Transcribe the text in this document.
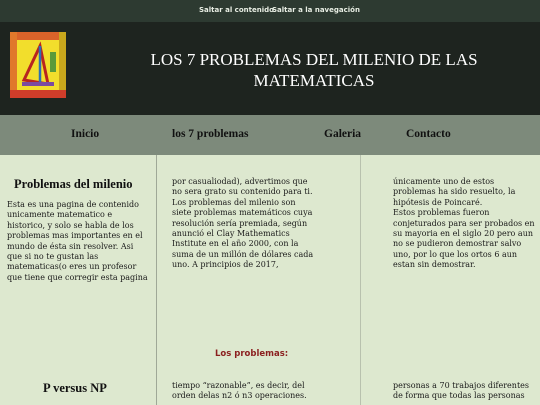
Saltar al contenido
Saltar a la navegación
LOS 7 PROBLEMAS DEL MILENIO DE LAS
MATEMATICAS
Inicio	los 7 problemas	Galeria	Contacto
Problemas del milenio
Esta es una pagina de contenido
unicamente matematico e
historico, y solo se habla de los
problemas mas importantes en el
mundo de ésta sin resolver. Asi
que si no te gustan las
matematicas(o eres un profesor
que tiene que corregir esta pagina
por casualiodad), advertimos que
no sera grato su contenido para ti.
Los problemas del milenio son
siete problemas matemáticos cuya
resolución sería premiada, según
anunció el Clay Mathematics
Institute en el año 2000, con la
suma de un millón de dólares cada
uno. A principios de 2017,
únicamente uno de estos
problemas ha sido resuelto, la
hipótesis de Poincaré.
Estos problemas fueron
conjeturados para ser probados en
su mayoria en el siglo 20 pero aun
no se pudieron demostrar salvo
uno, por lo que los ortos 6 aun
estan sin demostrar.
Los problemas:
P versus NP	tiempo “razonable”, es decir, del
orden delas n2 ó n3 operaciones.
personas a 70 trabajos diferentes
de forma que todas las personas
